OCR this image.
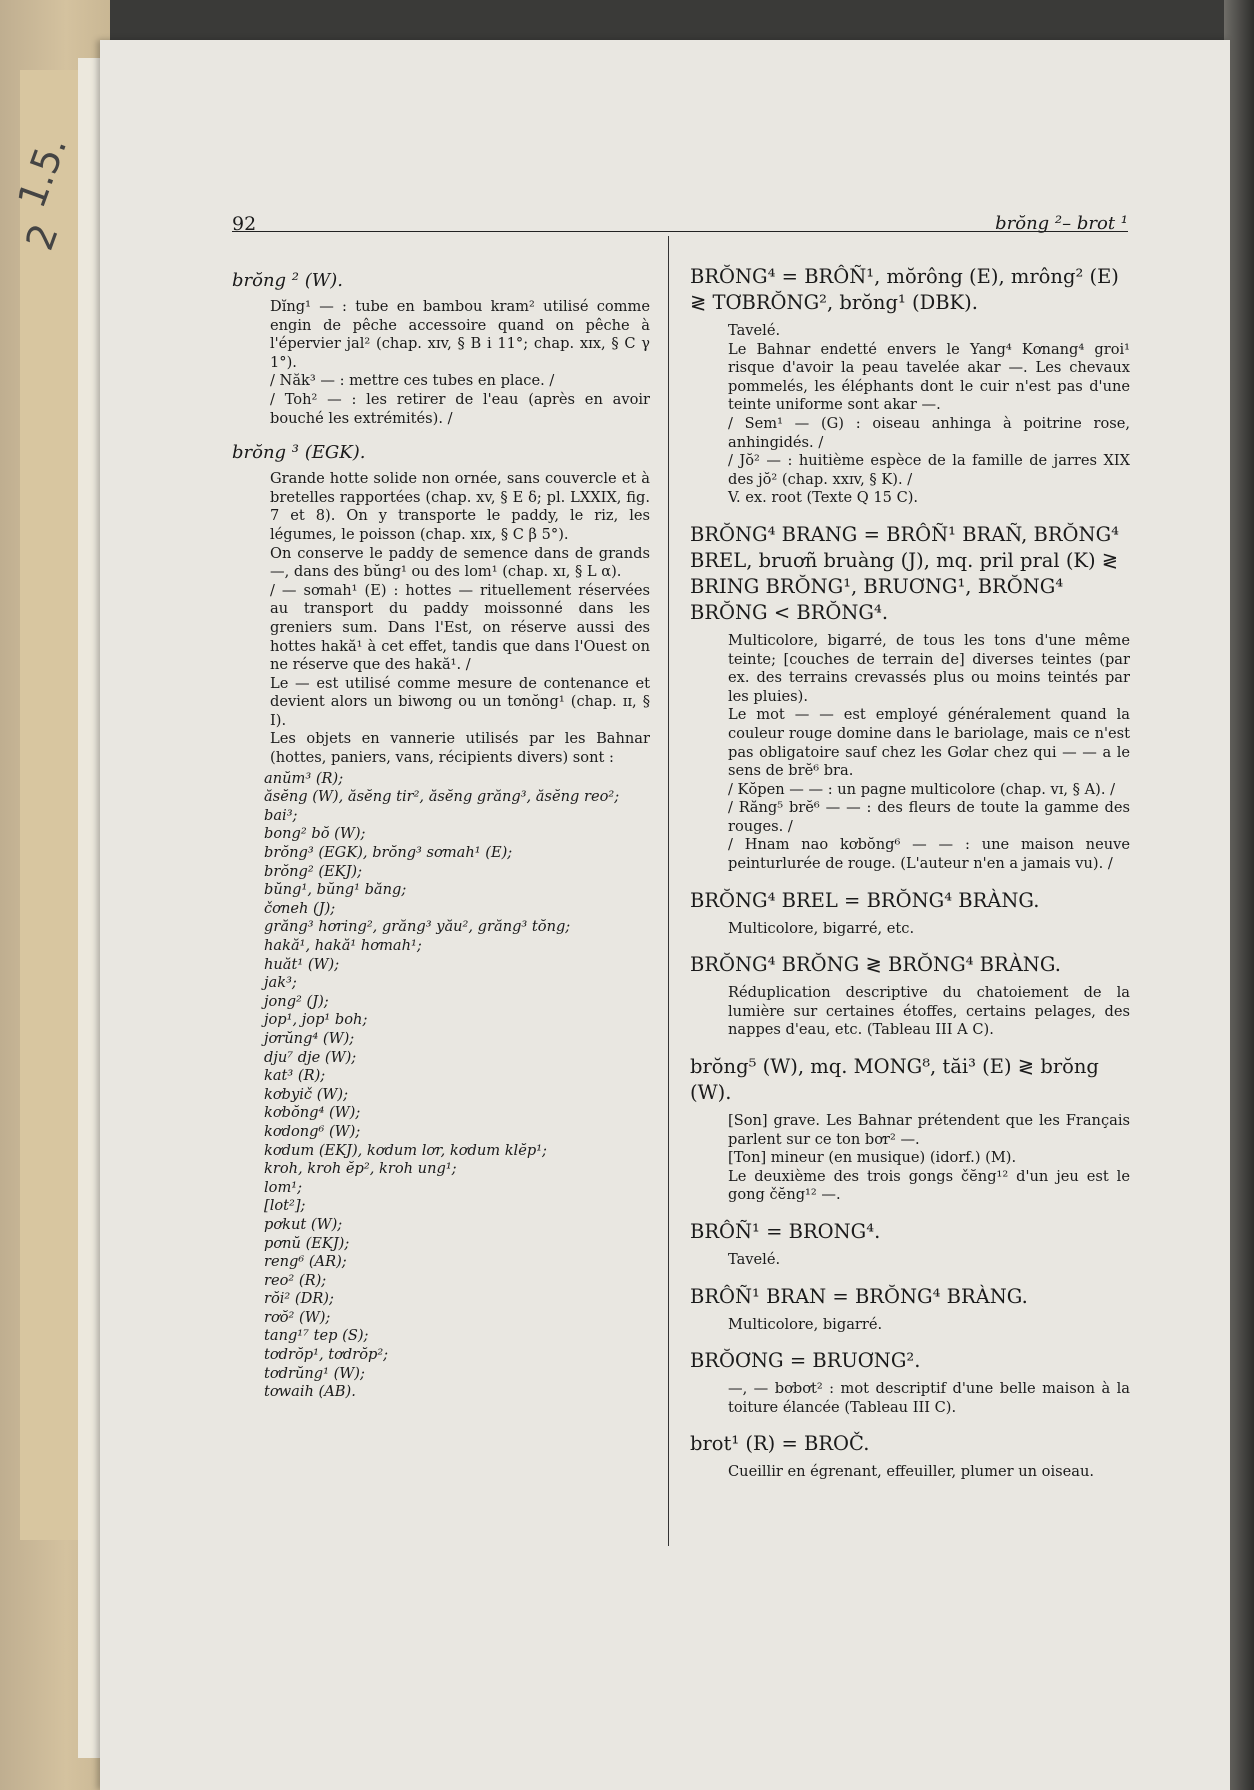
1.5.
2	92	brŏng ²– brot ¹
brŏng ² (W).

Dĭng¹ — : tube en bambou kram² utilisé comme engin de pêche accessoire quand on pêche à l'épervier jal² (chap. xɪv, § B i 11°; chap. xɪx, § C γ 1°).

/ Năk³ — : mettre ces tubes en place. /

/ Toh² — : les retirer de l'eau (après en avoir bouché les extrémités). /

brŏng ³ (EGK).

Grande hotte solide non ornée, sans couvercle et à bretelles rapportées (chap. xv, § E δ; pl. LXXIX, fig. 7 et 8). On y transporte le paddy, le riz, les légumes, le poisson (chap. xɪx, § C β 5°).

On conserve le paddy de semence dans de grands —, dans des bŭng¹ ou des lom¹ (chap. xɪ, § L α).

/ — sơmah¹ (E) : hottes — rituellement réservées au transport du paddy moissonné dans les greniers sum. Dans l'Est, on réserve aussi des hottes hakă¹ à cet effet, tandis que dans l'Ouest on ne réserve que des hakă¹. /

Le — est utilisé comme mesure de contenance et devient alors un biwơng ou un tơnŏng¹ (chap. ɪɪ, § I).

Les objets en vannerie utilisés par les Bahnar (hottes, paniers, vans, récipients divers) sont :

anŭm³ (R);
ăsĕng (W), ăsĕng tir², ăsĕng grăng³, ăsĕng reo²;
bai³;
bong² bŏ (W);
brŏng³ (EGK), brŏng³ sơmah¹ (E);
brŏng² (EKJ);
bŭng¹, bŭng¹ băng;
čơneh (J);
grăng³ hơring², grăng³ yău², grăng³ tŏng;
hakă¹, hakă¹ hơmah¹;
huăt¹ (W);
jak³;
jong² (J);
jop¹, jop¹ boh;
jơrŭng⁴ (W);
dju⁷ dje (W);
kat³ (R);
kơbyič (W);
kơbŏng⁴ (W);
kơdong⁶ (W);
kơdum (EKJ), kơdum lơr, kơdum klĕp¹;
kroh, kroh ĕp², kroh ung¹;
lom¹;
[lot²];
pơkut (W);
pơnŭ (EKJ);
reng⁶ (AR);
reo² (R);
rŏi² (DR);
rơŏ² (W);
tang¹⁷ tep (S);
tơdrŏp¹, tơdrŏp²;
tơdrŭng¹ (W);
tơwaih (AB).
BRŎNG⁴ = BRÔÑ¹, mŏrông (E), mrông² (E) ≷ TƠBRŎNG², brŏng¹ (DBK).

Tavelé.

Le Bahnar endetté envers le Yang⁴ Kơnang⁴ groi¹ risque d'avoir la peau tavelée akar —. Les chevaux pommelés, les éléphants dont le cuir n'est pas d'une teinte uniforme sont akar —.

/ Sem¹ — (G) : oiseau anhinga à poitrine rose, anhingidés. /

/ Jŏ² — : huitième espèce de la famille de jarres XIX des jŏ² (chap. xxɪv, § K). /

V. ex. root (Texte Q 15 C).

BRŎNG⁴ BRANG = BRÔÑ¹ BRAÑ, BRŎNG⁴ BREL, bruơñ bruàng (J), mq. pril pral (K) ≷ BRING BRŎNG¹, BRUƠNG¹, BRŎNG⁴ BRŎNG < BRŎNG⁴.

Multicolore, bigarré, de tous les tons d'une même teinte; [couches de terrain de] diverses teintes (par ex. des terrains crevassés plus ou moins teintés par les pluies).

Le mot — — est employé généralement quand la couleur rouge domine dans le bariolage, mais ce n'est pas obligatoire sauf chez les Gơlar chez qui — — a le sens de brĕ⁶ bra.

/ Kŏpen — — : un pagne multicolore (chap. vɪ, § A). /

/ Răng⁵ brĕ⁶ — — : des fleurs de toute la gamme des rouges. /

/ Hnam nao kơbŏng⁶ — — : une maison neuve peinturlurée de rouge. (L'auteur n'en a jamais vu). /

BRŎNG⁴ BREL = BRŎNG⁴ BRÀNG.

Multicolore, bigarré, etc.

BRŎNG⁴ BRŎNG ≷ BRŎNG⁴ BRÀNG.

Réduplication descriptive du chatoiement de la lumière sur certaines étoffes, certains pelages, des nappes d'eau, etc. (Tableau III A C).

brŏng⁵ (W), mq. MONG⁸, tăi³ (E) ≷ brŏng (W).

[Son] grave. Les Bahnar prétendent que les Français parlent sur ce ton bơr² —.

[Ton] mineur (en musique) (idorf.) (M).

Le deuxième des trois gongs čĕng¹² d'un jeu est le gong čĕng¹² —.

BRÔÑ¹ = BRONG⁴.

Tavelé.

BRÔÑ¹ BRAN = BRŎNG⁴ BRÀNG.

Multicolore, bigarré.

BRŎƠNG = BRUƠNG².

—, — bơbơt² : mot descriptif d'une belle maison à la toiture élancée (Tableau III C).

brot¹ (R) = BROČ.

Cueillir en égrenant, effeuiller, plumer un oiseau.
